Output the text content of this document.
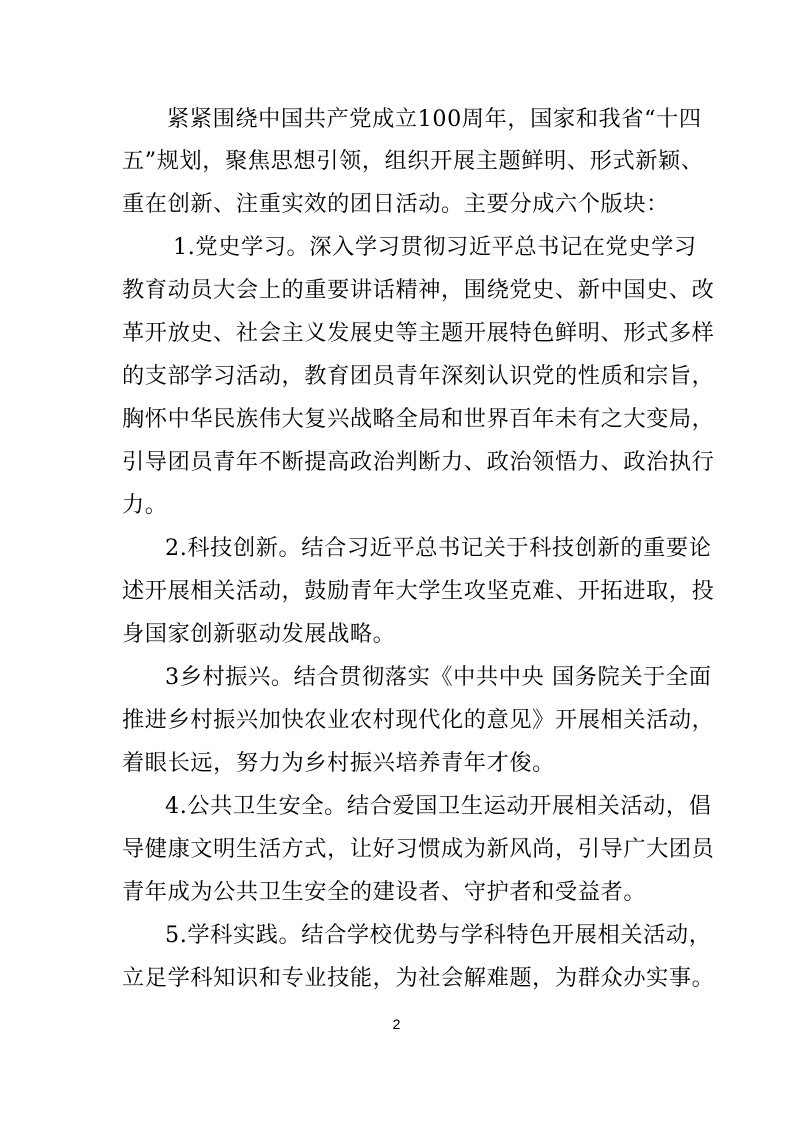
紧紧围绕中国共产党成立100周年，国家和我省“十四
五”规划，聚焦思想引领，组织开展主题鲜明、形式新颖、
重在创新、注重实效的团日活动。主要分成六个版块：
1.党史学习。深入学习贯彻习近平总书记在党史学习
教育动员大会上的重要讲话精神，围绕党史、新中国史、改
革开放史、社会主义发展史等主题开展特色鲜明、形式多样
的支部学习活动，教育团员青年深刻认识党的性质和宗旨，
胸怀中华民族伟大复兴战略全局和世界百年未有之大变局，
引导团员青年不断提高政治判断力、政治领悟力、政治执行
力。
2.科技创新。结合习近平总书记关于科技创新的重要论
述开展相关活动，鼓励青年大学生攻坚克难、开拓进取，投
身国家创新驱动发展战略。
3乡村振兴。结合贯彻落实《中共中央 国务院关于全面
推进乡村振兴加快农业农村现代化的意见》开展相关活动，
着眼长远，努力为乡村振兴培养青年才俊。
4.公共卫生安全。结合爱国卫生运动开展相关活动，倡
导健康文明生活方式，让好习惯成为新风尚，引导广大团员
青年成为公共卫生安全的建设者、守护者和受益者。
5.学科实践。结合学校优势与学科特色开展相关活动，
立足学科知识和专业技能，为社会解难题，为群众办实事。
2
